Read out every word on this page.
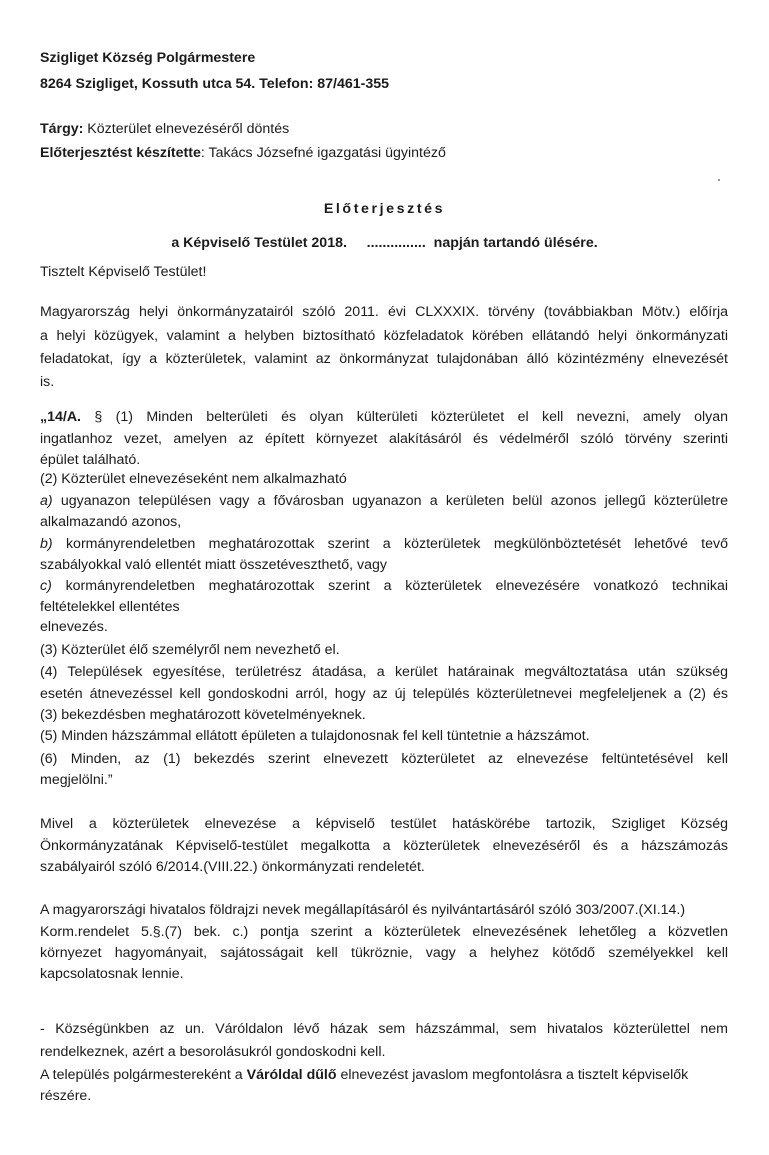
Szigliget Község Polgármestere
8264 Szigliget, Kossuth utca 54. Telefon: 87/461-355
Tárgy: Közterület elnevezéséről döntés
Előterjesztést készítette: Takács Józsefné igazgatási ügyintéző
Előterjesztés
a Képviselő Testület 2018. ............... napján tartandó ülésére.
Tisztelt Képviselő Testület!
Magyarország helyi önkormányzatairól szóló 2011. évi CLXXXIX. törvény (továbbiakban Mötv.) előírja
a helyi közügyek, valamint a helyben biztosítható közfeladatok körében ellátandó helyi önkormányzati
feladatokat, így a közterületek, valamint az önkormányzat tulajdonában álló közintézmény elnevezését
is.
„14/A. § (1) Minden belterületi és olyan külterületi közterületet el kell nevezni, amely olyan
ingatlanhoz vezet, amelyen az épített környezet alakításáról és védelméről szóló törvény szerinti
épület található.
(2) Közterület elnevezéseként nem alkalmazható
a) ugyanazon településen vagy a fővárosban ugyanazon a kerületen belül azonos jellegű közterületre
alkalmazandó azonos,
b) kormányrendeletben meghatározottak szerint a közterületek megkülönböztetését lehetővé tevő
szabályokkal való ellentét miatt összetéveszthető, vagy
c) kormányrendeletben meghatározottak szerint a közterületek elnevezésére vonatkozó technikai
feltételekkel ellentétes
elnevezés.
(3) Közterület élő személyről nem nevezhető el.
(4) Települések egyesítése, területrész átadása, a kerület határainak megváltoztatása után szükség
esetén átnevezéssel kell gondoskodni arról, hogy az új település közterületnevei megfeleljenek a (2) és
(3) bekezdésben meghatározott követelményeknek.
(5) Minden házszámmal ellátott épületen a tulajdonosnak fel kell tüntetnie a házszámot.
(6) Minden, az (1) bekezdés szerint elnevezett közterületet az elnevezése feltüntetésével kell
megjelölni.”
Mivel a közterületek elnevezése a képviselő testület hatáskörébe tartozik, Szigliget Község
Önkormányzatának Képviselő-testület megalkotta a közterületek elnevezéséről és a házszámozás
szabályairól szóló 6/2014.(VIII.22.) önkormányzati rendeletét.
A magyarországi hivatalos földrajzi nevek megállapításáról és nyilvántartásáról szóló 303/2007.(XI.14.)
Korm.rendelet 5.§.(7) bek. c.) pontja szerint a közterületek elnevezésének lehetőleg a közvetlen
környezet hagyományait, sajátosságait kell tükröznie, vagy a helyhez kötődő személyekkel kell
kapcsolatosnak lennie.
- Községünkben az un. Váróldalon lévő házak sem házszámmal, sem hivatalos közterülettel nem
rendelkeznek, azért a besorolásukról gondoskodni kell.
A település polgármestereként a Váróldal dűlő elnevezést javaslom megfontolásra a tisztelt képviselők
részére.
